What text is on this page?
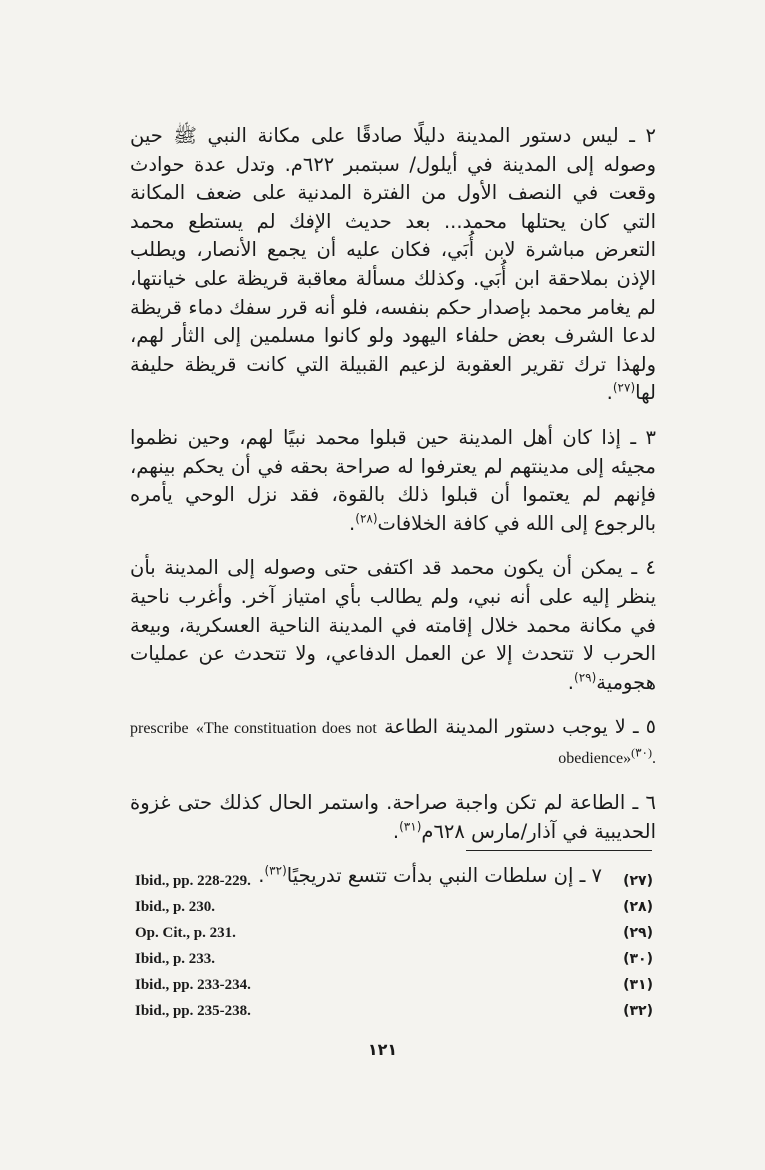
٢ ـ ليس دستور المدينة دليلًا صادقًا على مكانة النبي ﷺ حين وصوله إلى المدينة في أيلول/ سبتمبر ٦٢٢م. وتدل عدة حوادث وقعت في النصف الأول من الفترة المدنية على ضعف المكانة التي كان يحتلها محمد... بعد حديث الإفك لم يستطع محمد التعرض مباشرة لابن أُبَي، فكان عليه أن يجمع الأنصار، ويطلب الإذن بملاحقة ابن أُبَي. وكذلك مسألة معاقبة قريظة على خيانتها، لم يغامر محمد بإصدار حكم بنفسه، فلو أنه قرر سفك دماء قريظة لدعا الشرف بعض حلفاء اليهود ولو كانوا مسلمين إلى الثأر لهم، ولهذا ترك تقرير العقوبة لزعيم القبيلة التي كانت قريظة حليفة لها$^{(٢٧)}$.

٣ ـ إذا كان أهل المدينة حين قبلوا محمد نبيًا لهم، وحين نظموا مجيئه إلى مدينتهم لم يعترفوا له صراحة بحقه في أن يحكم بينهم، فإنهم لم يعتموا أن قبلوا ذلك بالقوة، فقد نزل الوحي يأمره بالرجوع إلى الله في كافة الخلافات$^{(٢٨)}$.

٤ ـ يمكن أن يكون محمد قد اكتفى حتى وصوله إلى المدينة بأن ينظر إليه على أنه نبي، ولم يطالب بأي امتياز آخر. وأغرب ناحية في مكانة محمد خلال إقامته في المدينة الناحية العسكرية، وبيعة الحرب لا تتحدث إلا عن العمل الدفاعي، ولا تتحدث عن عمليات هجومية$^{(٢٩)}$.

٥ ـ لا يوجب دستور المدينة الطاعة «The constituation does not prescribe obedience»$^{(٣٠)}$.

٦ ـ الطاعة لم تكن واجبة صراحة. واستمر الحال كذلك حتى غزوة الحديبية في آذار/مارس ٦٢٨م$^{(٣١)}$.

٧ ـ إن سلطات النبي بدأت تتسع تدريجيًا$^{(٣٢)}$.

Ibid., pp. 228-229.	(٢٧)
Ibid., p. 230.	(٢٨)
Op. Cit., p. 231.	(٢٩)
Ibid., p. 233.	(٣٠)
Ibid., pp. 233-234.	(٣١)
Ibid., pp. 235-238.	(٣٢)
١٢١
